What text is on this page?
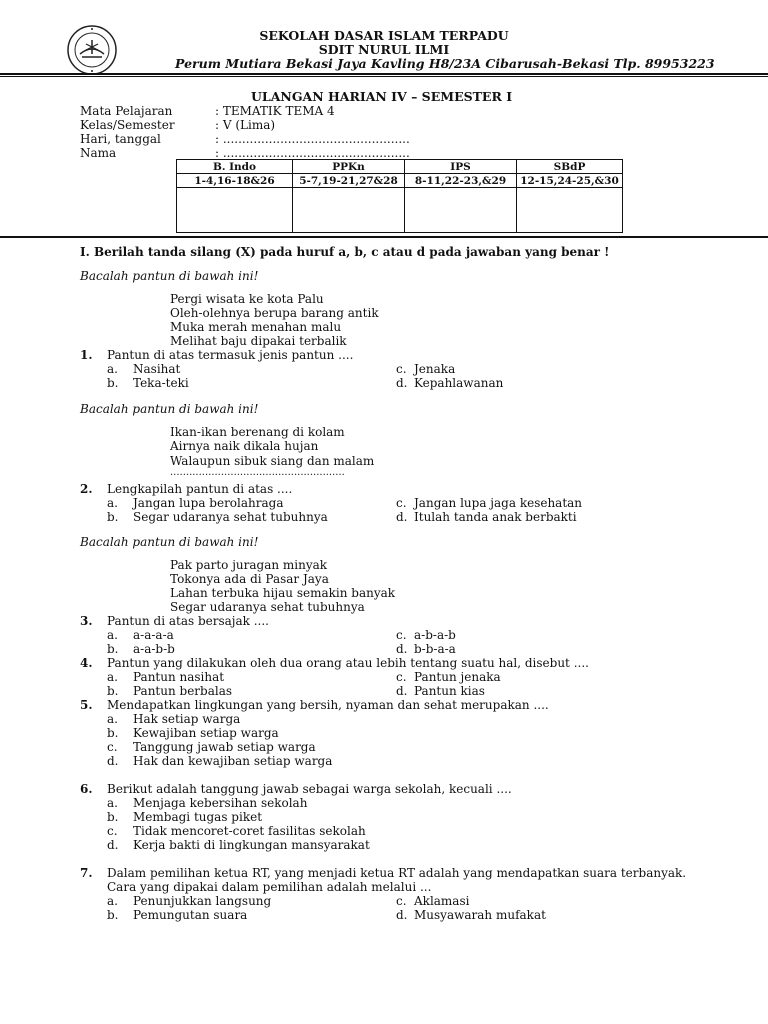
SEKOLAH DASAR ISLAM TERPADU
SDIT NURUL ILMI
Perum Mutiara Bekasi Jaya Kavling H8/23A Cibarusah-Bekasi Tlp. 89953223
ULANGAN HARIAN IV – SEMESTER I
Mata Pelajaran	: TEMATIK TEMA 4
Kelas/Semester	: V (Lima)
Hari, tanggal	: .................................................
Nama	: .................................................
B. Indo	PPKn	IPS	SBdP
1-4,16-18&26	5-7,19-21,27&28	8-11,22-23,&29	12-15,24-25,&30

I. Berilah tanda silang (X) pada huruf a, b, c atau d pada jawaban yang benar !
Bacalah pantun di bawah ini!
Pergi wisata ke kota Palu
Oleh-olehnya berupa barang antik
Muka merah menahan malu
Melihat baju dipakai terbalik
1. Pantun di atas termasuk jenis pantun ....
a. Nasihat
b. Teka-teki
c. Jenaka
d. Kepahlawanan
Bacalah pantun di bawah ini!
Ikan-ikan berenang di kolam
Airnya naik dikala hujan
Walaupun sibuk siang dan malam
.......................................................
2. Lengkapilah pantun di atas ....
a. Jangan lupa berolahraga
b. Segar udaranya sehat tubuhnya
c. Jangan lupa jaga kesehatan
d. Itulah tanda anak berbakti
Bacalah pantun di bawah ini!
Pak parto juragan minyak
Tokonya ada di Pasar Jaya
Lahan terbuka hijau semakin banyak
Segar udaranya sehat tubuhnya
3. Pantun di atas bersajak ....
a. a-a-a-a
b. a-a-b-b
c. a-b-a-b
d. b-b-a-a
4. Pantun yang dilakukan oleh dua orang atau lebih tentang suatu hal, disebut ....
a. Pantun nasihat
b. Pantun berbalas
c. Pantun jenaka
d. Pantun kias
5. Mendapatkan lingkungan yang bersih, nyaman dan sehat merupakan ....
a. Hak setiap warga
b. Kewajiban setiap warga
c. Tanggung jawab setiap warga
d. Hak dan kewajiban setiap warga
6. Berikut adalah tanggung jawab sebagai warga sekolah, kecuali ....
a. Menjaga kebersihan sekolah
b. Membagi tugas piket
c. Tidak mencoret-coret fasilitas sekolah
d. Kerja bakti di lingkungan mansyarakat
7. Dalam pemilihan ketua RT, yang menjadi ketua RT adalah yang mendapatkan suara terbanyak.
Cara yang dipakai dalam pemilihan adalah melalui ...
a. Penunjukkan langsung
b. Pemungutan suara
c. Aklamasi
d. Musyawarah mufakat
